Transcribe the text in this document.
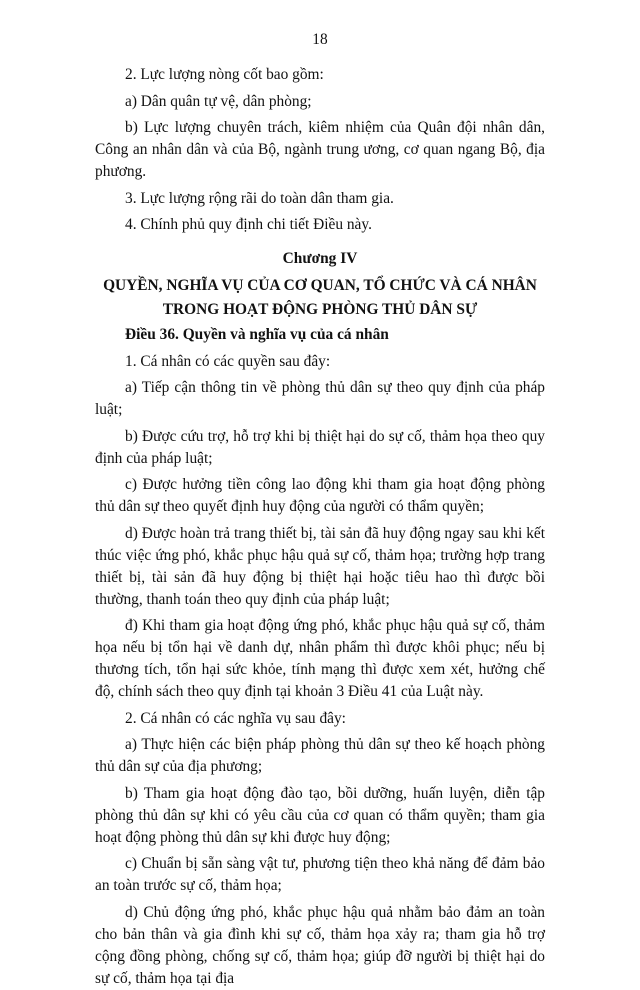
18

2. Lực lượng nòng cốt bao gồm:

a) Dân quân tự vệ, dân phòng;

b) Lực lượng chuyên trách, kiêm nhiệm của Quân đội nhân dân, Công an nhân dân và của Bộ, ngành trung ương, cơ quan ngang Bộ, địa phương.

3. Lực lượng rộng rãi do toàn dân tham gia.

4. Chính phủ quy định chi tiết Điều này.

Chương IV
QUYỀN, NGHĨA VỤ CỦA CƠ QUAN, TỔ CHỨC VÀ CÁ NHÂN
TRONG HOẠT ĐỘNG PHÒNG THỦ DÂN SỰ
Điều 36. Quyền và nghĩa vụ của cá nhân

1. Cá nhân có các quyền sau đây:

a) Tiếp cận thông tin về phòng thủ dân sự theo quy định của pháp luật;

b) Được cứu trợ, hỗ trợ khi bị thiệt hại do sự cố, thảm họa theo quy định của pháp luật;

c) Được hưởng tiền công lao động khi tham gia hoạt động phòng thủ dân sự theo quyết định huy động của người có thẩm quyền;

d) Được hoàn trả trang thiết bị, tài sản đã huy động ngay sau khi kết thúc việc ứng phó, khắc phục hậu quả sự cố, thảm họa; trường hợp trang thiết bị, tài sản đã huy động bị thiệt hại hoặc tiêu hao thì được bồi thường, thanh toán theo quy định của pháp luật;

đ) Khi tham gia hoạt động ứng phó, khắc phục hậu quả sự cố, thảm họa nếu bị tổn hại về danh dự, nhân phẩm thì được khôi phục; nếu bị thương tích, tổn hại sức khỏe, tính mạng thì được xem xét, hưởng chế độ, chính sách theo quy định tại khoản 3 Điều 41 của Luật này.

2. Cá nhân có các nghĩa vụ sau đây:

a) Thực hiện các biện pháp phòng thủ dân sự theo kế hoạch phòng thủ dân sự của địa phương;

b) Tham gia hoạt động đào tạo, bồi dưỡng, huấn luyện, diễn tập phòng thủ dân sự khi có yêu cầu của cơ quan có thẩm quyền; tham gia hoạt động phòng thủ dân sự khi được huy động;

c) Chuẩn bị sẵn sàng vật tư, phương tiện theo khả năng để đảm bảo an toàn trước sự cố, thảm họa;

d) Chủ động ứng phó, khắc phục hậu quả nhằm bảo đảm an toàn cho bản thân và gia đình khi sự cố, thảm họa xảy ra; tham gia hỗ trợ cộng đồng phòng, chống sự cố, thảm họa; giúp đỡ người bị thiệt hại do sự cố, thảm họa tại địa
